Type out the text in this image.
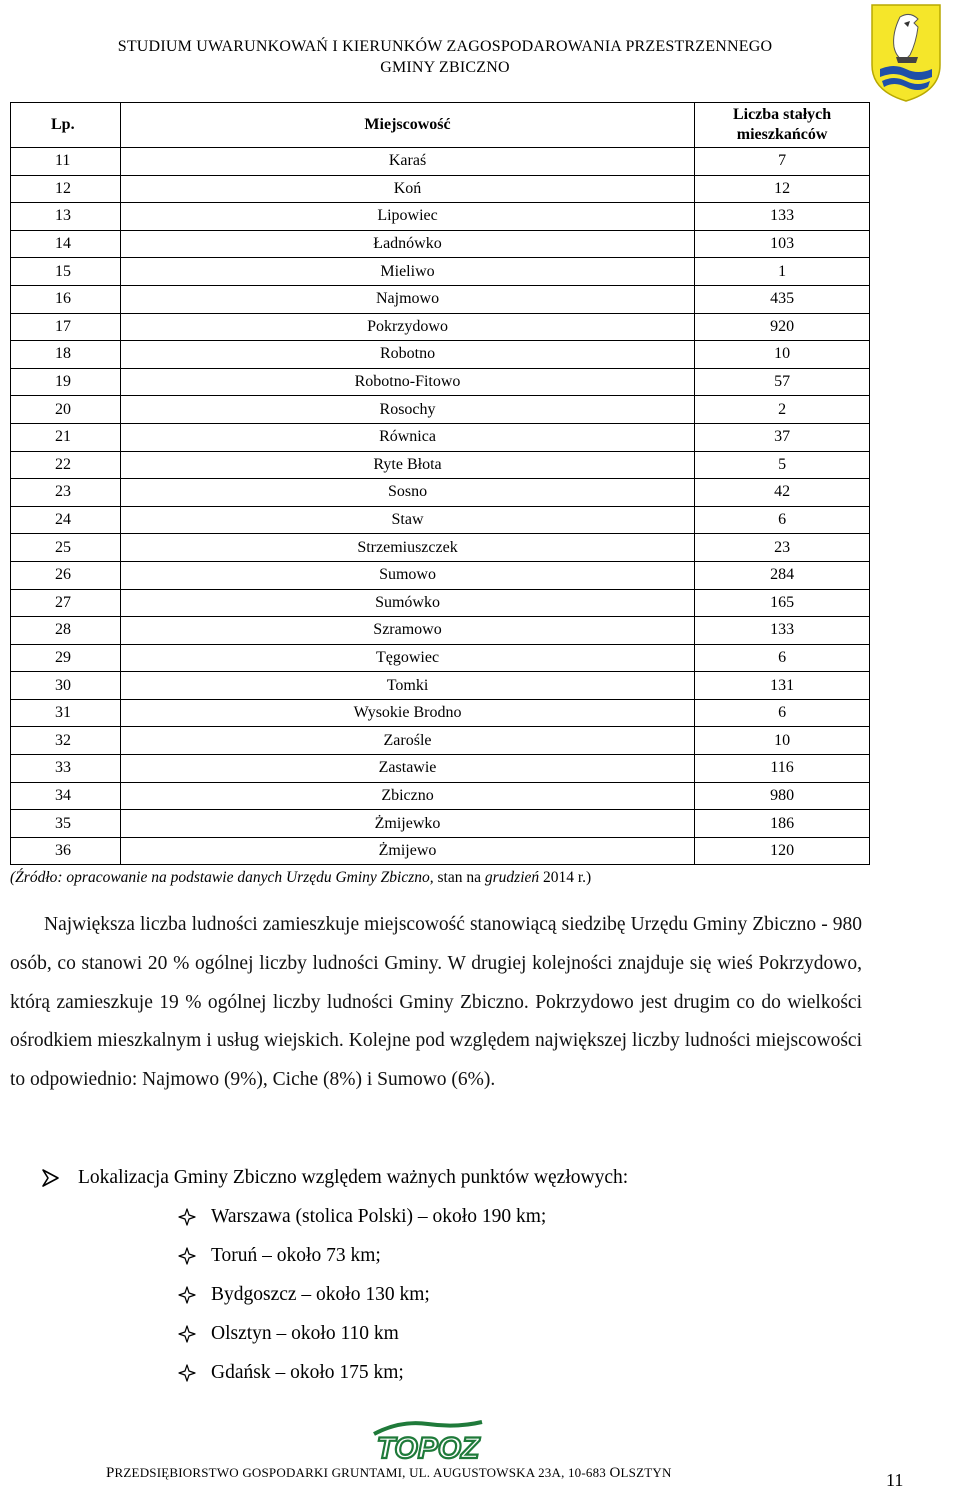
STUDIUM UWARUNKOWAŃ I KIERUNKÓW ZAGOSPODAROWANIA PRZESTRZENNEGO
GMINY ZBICZNO
Lp.	Miejscowość	Liczba stałych mieszkańców
11	Karaś	7
12	Koń	12
13	Lipowiec	133
14	Ładnówko	103
15	Mieliwo	1
16	Najmowo	435
17	Pokrzydowo	920
18	Robotno	10
19	Robotno-Fitowo	57
20	Rosochy	2
21	Równica	37
22	Ryte Błota	5
23	Sosno	42
24	Staw	6
25	Strzemiuszczek	23
26	Sumowo	284
27	Sumówko	165
28	Szramowo	133
29	Tęgowiec	6
30	Tomki	131
31	Wysokie Brodno	6
32	Zarośle	10
33	Zastawie	116
34	Zbiczno	980
35	Żmijewko	186
36	Żmijewo	120
(Źródło: opracowanie na podstawie danych Urzędu Gminy Zbiczno, stan na grudzień 2014 r.)

Największa liczba ludności zamieszkuje miejscowość stanowiącą siedzibę Urzędu Gminy Zbiczno - 980 osób, co stanowi 20 % ogólnej liczby ludności Gminy. W drugiej kolejności znajduje się wieś Pokrzydowo, którą zamieszkuje 19 % ogólnej liczby ludności Gminy Zbiczno. Pokrzydowo jest drugim co do wielkości ośrodkiem mieszkalnym i usług wiejskich. Kolejne pod względem największej liczby ludności miejscowości to odpowiednio: Najmowo (9%), Ciche (8%) i Sumowo (6%).

Lokalizacja Gminy Zbiczno względem ważnych punktów węzłowych:
Warszawa (stolica Polski) – około 190 km;
Toruń – około 73 km;
Bydgoszcz – około 130 km;
Olsztyn – około 110 km
Gdańsk – około 175 km;
TOPOZ
PRZEDSIĘBIORSTWO GOSPODARKI GRUNTAMI, UL. AUGUSTOWSKA 23A, 10-683 OLSZTYN	11
